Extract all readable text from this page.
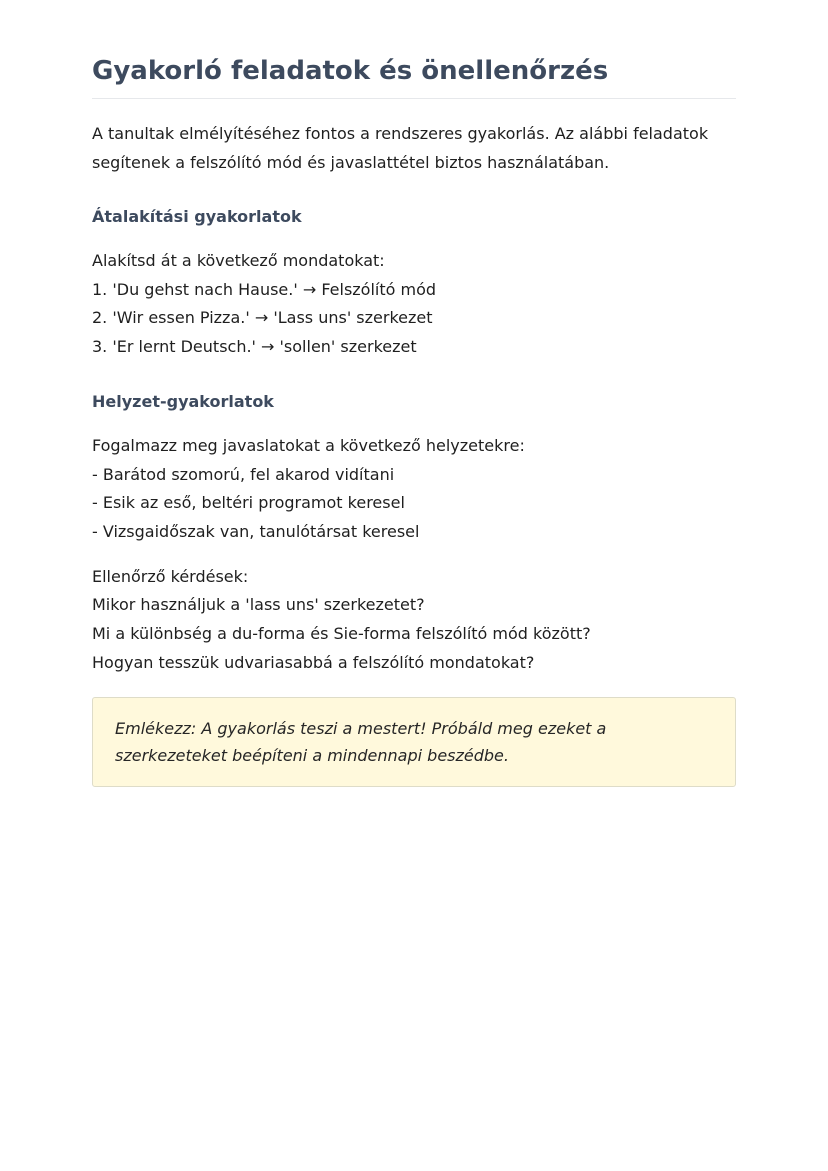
Gyakorló feladatok és önellenőrzés

A tanultak elmélyítéséhez fontos a rendszeres gyakorlás. Az alábbi feladatok segítenek a felszólító mód és javaslattétel biztos használatában.

Átalakítási gyakorlatok
Alakítsd át a következő mondatokat:
1. 'Du gehst nach Hause.' → Felszólító mód
2. 'Wir essen Pizza.' → 'Lass uns' szerkezet
3. 'Er lernt Deutsch.' → 'sollen' szerkezet
Helyzet-gyakorlatok
Fogalmazz meg javaslatokat a következő helyzetekre:
- Barátod szomorú, fel akarod vidítani
- Esik az eső, beltéri programot keresel
- Vizsgaidőszak van, tanulótársat keresel
Ellenőrző kérdések:
Mikor használjuk a 'lass uns' szerkezetet?
Mi a különbség a du-forma és Sie-forma felszólító mód között?
Hogyan tesszük udvariasabbá a felszólító mondatokat?

Emlékezz: A gyakorlás teszi a mestert! Próbáld meg ezeket a szerkezeteket beépíteni a mindennapi beszédbe.
